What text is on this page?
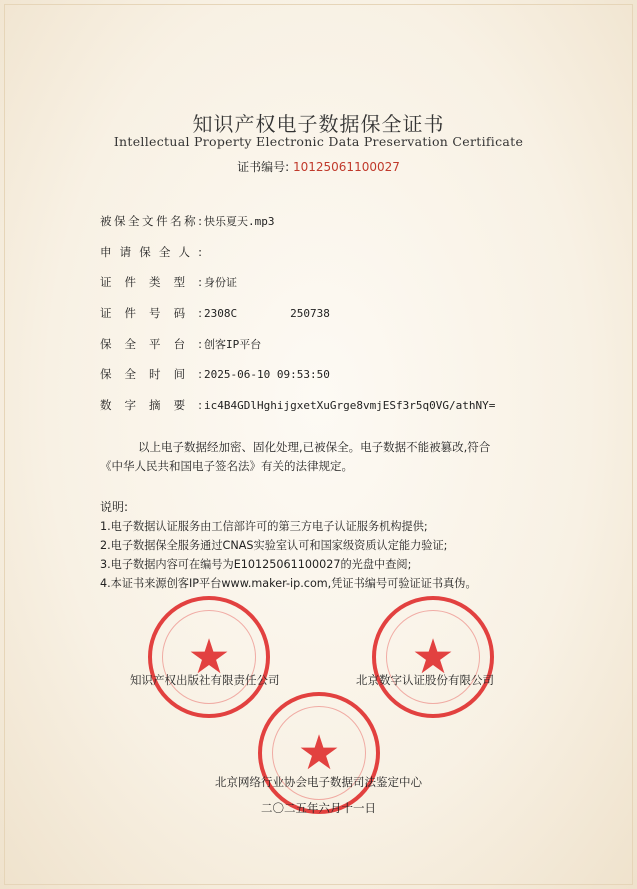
知识产权电子数据保全证书
Intellectual Property Electronic Data Preservation Certificate
证书编号: 10125061100027
被保全文件名称: 快乐夏天.mp3
申请保全人:
证件类型: 身份证
证件号码: 2308C        250738
保全平台: 创客IP平台
保全时间: 2025-06-10 09:53:50
数字摘要: ic4B4GDlHghijgxetXuGrge8vmjESf3r5q0VG/athNY=
以上电子数据经加密、固化处理,已被保全。电子数据不能被篡改,符合
《中华人民共和国电子签名法》有关的法律规定。
说明:
1.电子数据认证服务由工信部许可的第三方电子认证服务机构提供;
2.电子数据保全服务通过CNAS实验室认可和国家级资质认定能力验证;
3.电子数据内容可在编号为E10125061100027的光盘中查阅;
4.本证书来源创客IP平台www.maker-ip.com,凭证书编号可验证证书真伪。
★	★
★
知识产权出版社有限责任公司	北京数字认证股份有限公司
北京网络行业协会电子数据司法鉴定中心
二〇二五年六月十一日
